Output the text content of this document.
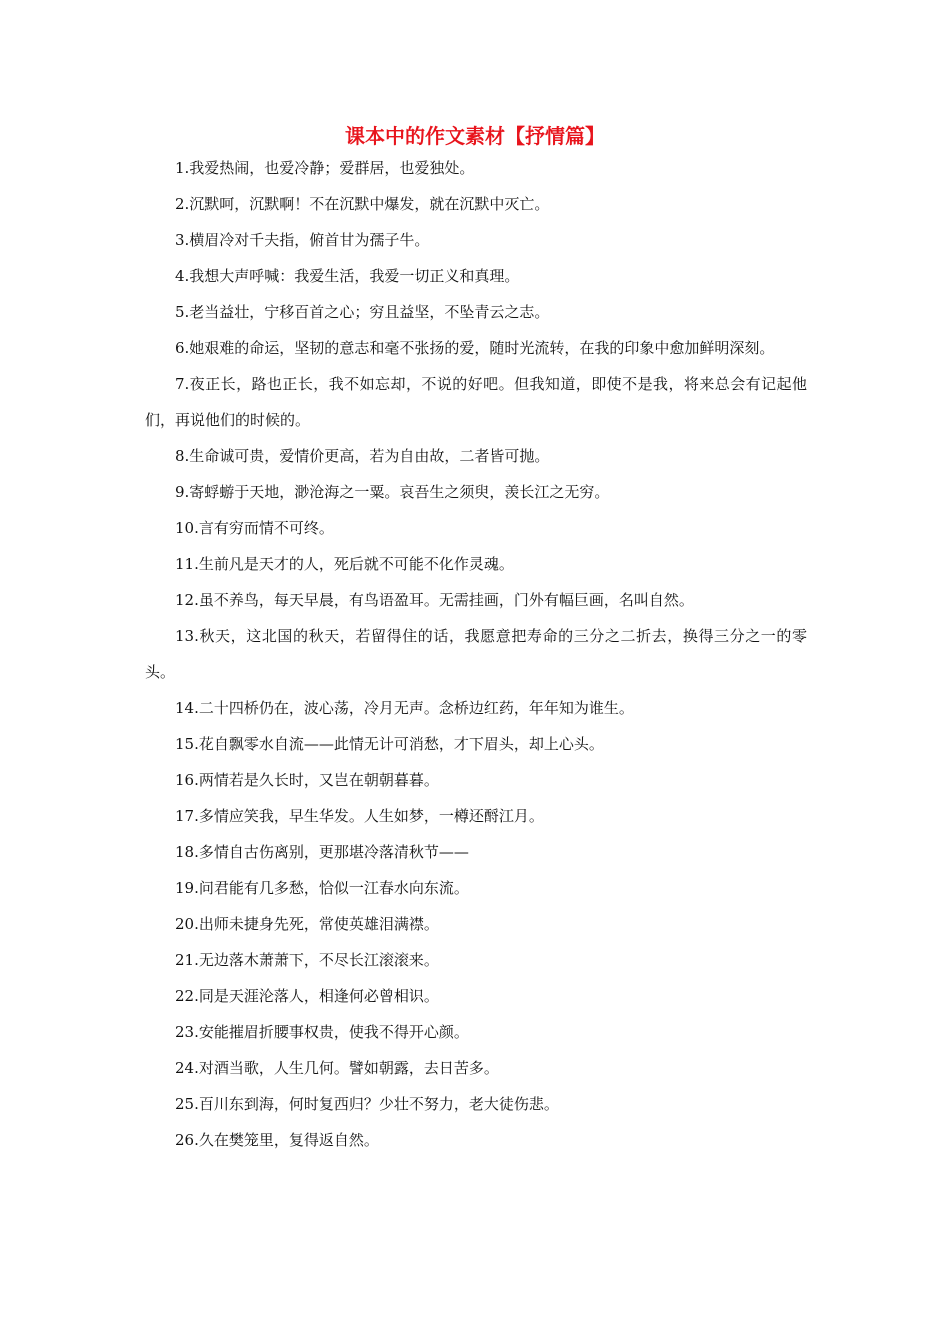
课本中的作文素材【抒情篇】
1.我爱热闹，也爱冷静；爱群居，也爱独处。
2.沉默呵，沉默啊！不在沉默中爆发，就在沉默中灭亡。
3.横眉冷对千夫指，俯首甘为孺子牛。
4.我想大声呼喊：我爱生活，我爱一切正义和真理。
5.老当益壮，宁移百首之心；穷且益坚，不坠青云之志。
6.她艰难的命运，坚韧的意志和毫不张扬的爱，随时光流转，在我的印象中愈加鲜明深刻。
7.夜正长，路也正长，我不如忘却，不说的好吧。但我知道，即使不是我，将来总会有记起他们，再说他们的时候的。
8.生命诚可贵，爱情价更高，若为自由故，二者皆可抛。
9.寄蜉蝣于天地，渺沧海之一粟。哀吾生之须臾，羡长江之无穷。
10.言有穷而情不可终。
11.生前凡是天才的人，死后就不可能不化作灵魂。
12.虽不养鸟，每天早晨，有鸟语盈耳。无需挂画，门外有幅巨画，名叫自然。
13.秋天，这北国的秋天，若留得住的话，我愿意把寿命的三分之二折去，换得三分之一的零头。
14.二十四桥仍在，波心荡，冷月无声。念桥边红药，年年知为谁生。
15.花自飘零水自流——此情无计可消愁，才下眉头，却上心头。
16.两情若是久长时，又岂在朝朝暮暮。
17.多情应笑我，早生华发。人生如梦，一樽还酹江月。
18.多情自古伤离别，更那堪冷落清秋节——
19.问君能有几多愁，恰似一江春水向东流。
20.出师未捷身先死，常使英雄泪满襟。
21.无边落木萧萧下，不尽长江滚滚来。
22.同是天涯沦落人，相逢何必曾相识。
23.安能摧眉折腰事权贵，使我不得开心颜。
24.对酒当歌，人生几何。譬如朝露，去日苦多。
25.百川东到海，何时复西归？少壮不努力，老大徒伤悲。
26.久在樊笼里，复得返自然。
